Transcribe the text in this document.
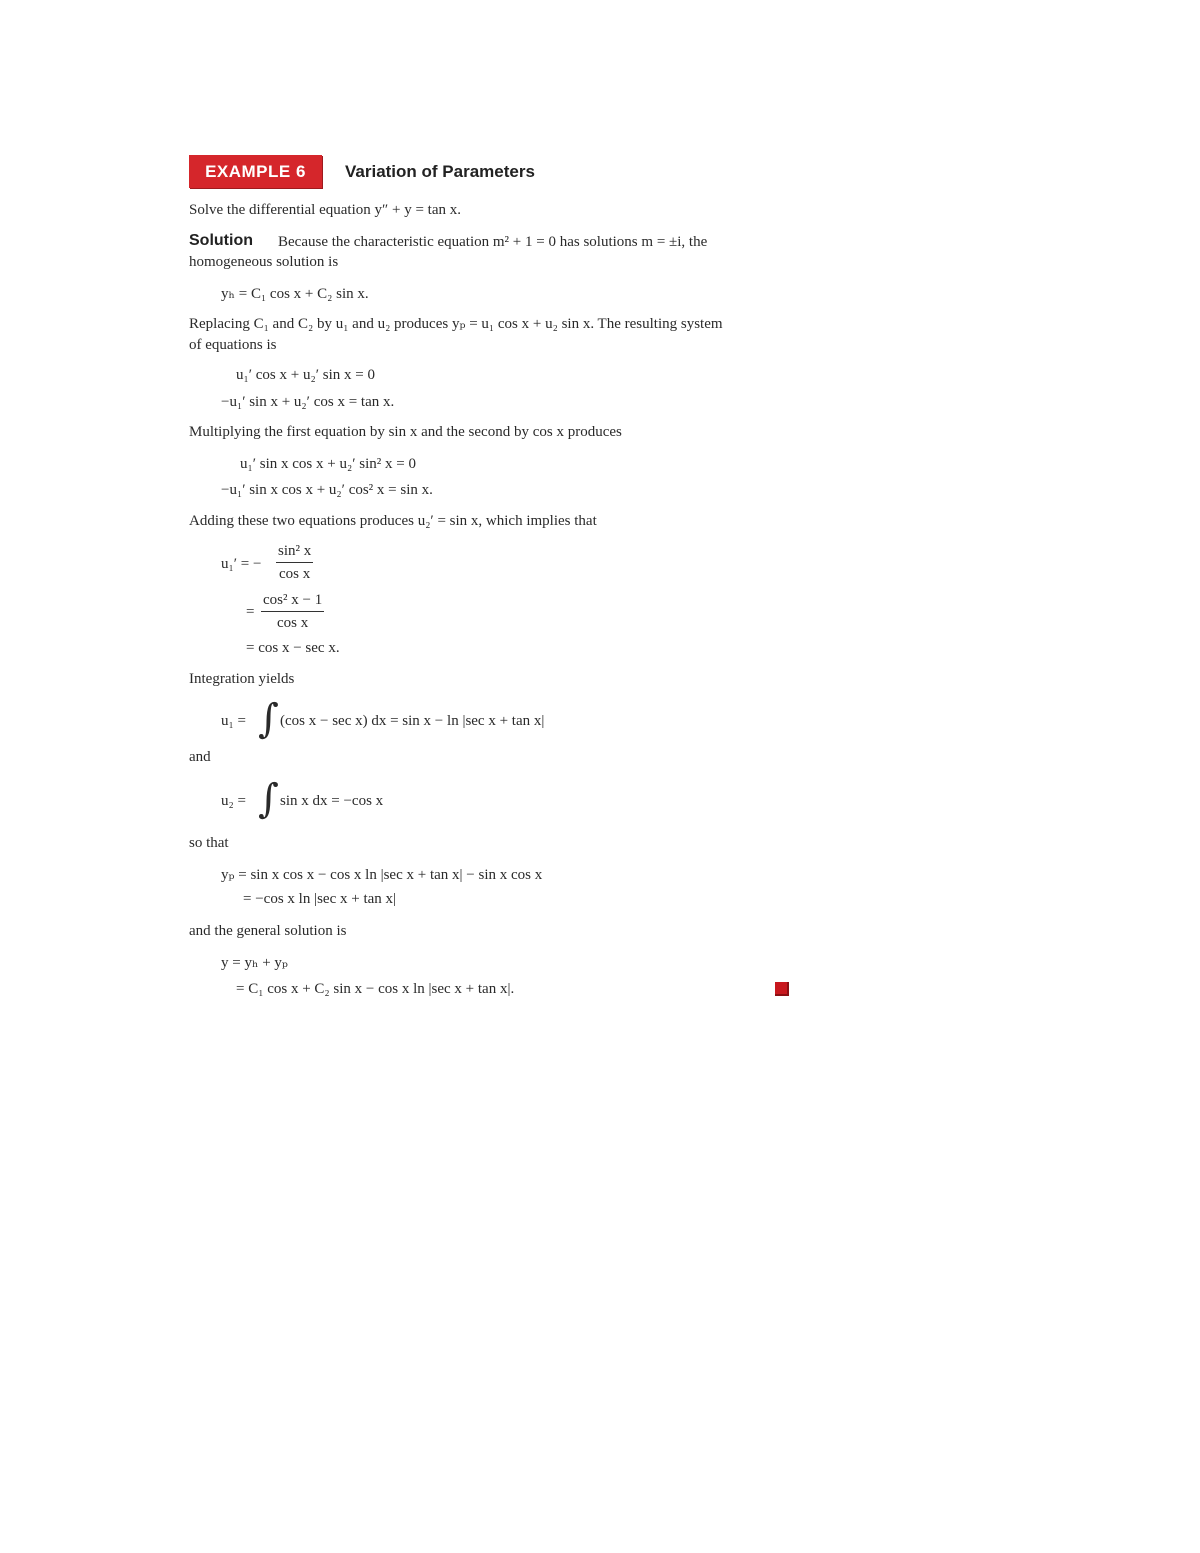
EXAMPLE 6	Variation of Parameters
Solve the differential equation y″ + y = tan x.
Solution Because the characteristic equation m² + 1 = 0 has solutions m = ±i, the
homogeneous solution is
yₕ = C₁ cos x + C₂ sin x.
Replacing C₁ and C₂ by u₁ and u₂ produces yₚ = u₁ cos x + u₂ sin x. The resulting system
of equations is
u₁′ cos x + u₂′ sin x = 0
−u₁′ sin x + u₂′ cos x = tan x.
Multiplying the first equation by sin x and the second by cos x produces
u₁′ sin x cos x + u₂′ sin² x = 0
−u₁′ sin x cos x + u₂′ cos² x = sin x.
Adding these two equations produces u₂′ = sin x, which implies that
u₁′ = − $\frac{\text{sin² x}}{\text{cos x}}$
= $\frac{\text{cos² x − 1}}{\text{cos x}}$
= cos x − sec x.
Integration yields
u₁ = ∫ (cos x − sec x) dx = sin x − ln |sec x + tan x|
and
u₂ = ∫ sin x dx = −cos x
so that
yₚ = sin x cos x − cos x ln |sec x + tan x| − sin x cos x
= −cos x ln |sec x + tan x|
and the general solution is
y = yₕ + yₚ
= C₁ cos x + C₂ sin x − cos x ln |sec x + tan x|.
